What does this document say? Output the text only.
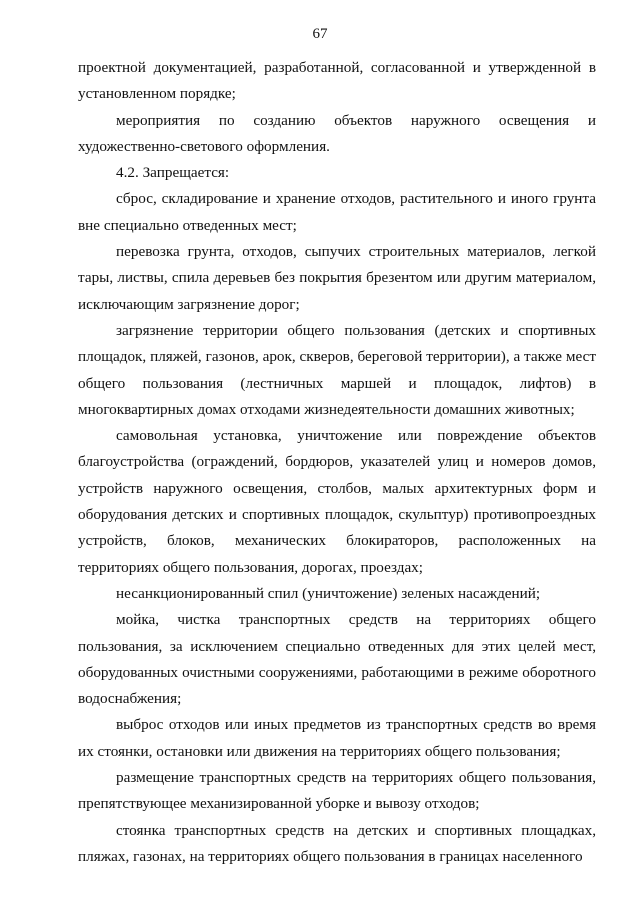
67

проектной документацией, разработанной, согласованной и утвержденной в установленном порядке;

мероприятия по созданию объектов наружного освещения и художественно-светового оформления.

4.2. Запрещается:

сброс, складирование и хранение отходов, растительного и иного грунта вне специально отведенных мест;

перевозка грунта, отходов, сыпучих строительных материалов, легкой тары, листвы, спила деревьев без покрытия брезентом или другим материалом, исключающим загрязнение дорог;

загрязнение территории общего пользования (детских и спортивных площадок, пляжей, газонов, арок, скверов, береговой территории), а также мест общего пользования (лестничных маршей и площадок, лифтов) в многоквартирных домах отходами жизнедеятельности домашних животных;

самовольная установка, уничтожение или повреждение объектов благоустройства (ограждений, бордюров, указателей улиц и номеров домов, устройств наружного освещения, столбов, малых архитектурных форм и оборудования детских и спортивных площадок, скульптур) противопроездных устройств, блоков, механических блокираторов, расположенных на территориях общего пользования, дорогах, проездах;

несанкционированный спил (уничтожение) зеленых насаждений;

мойка, чистка транспортных средств на территориях общего пользования, за исключением специально отведенных для этих целей мест, оборудованных очистными сооружениями, работающими в режиме оборотного водоснабжения;

выброс отходов или иных предметов из транспортных средств во время их стоянки, остановки или движения на территориях общего пользования;

размещение транспортных средств на территориях общего пользования, препятствующее механизированной уборке и вывозу отходов;

стоянка транспортных средств на детских и спортивных площадках, пляжах, газонах, на территориях общего пользования в границах населенного
